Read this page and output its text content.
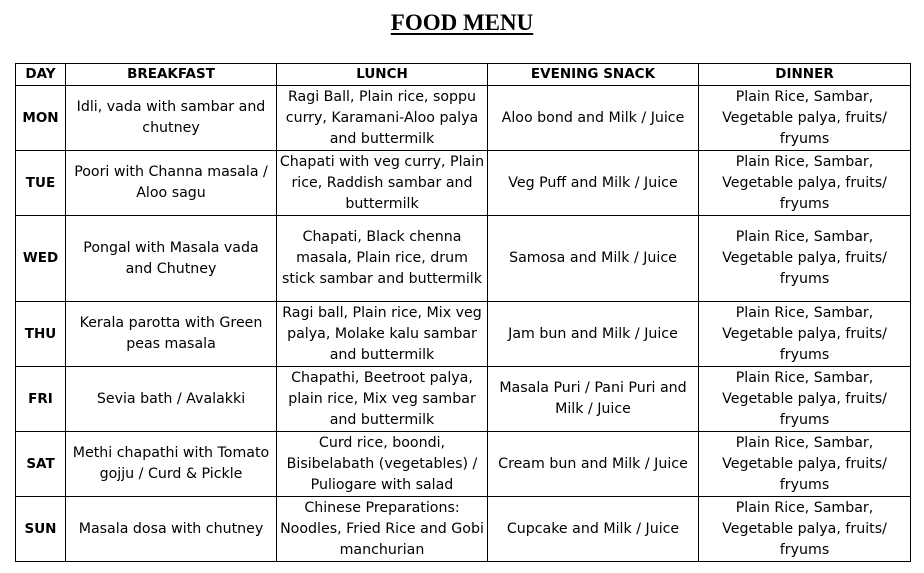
FOOD MENU
DAY	BREAKFAST	LUNCH	EVENING SNACK	DINNER
MON	Idli, vada with sambar and chutney	Ragi Ball, Plain rice, soppu curry, Karamani-Aloo palya and buttermilk	Aloo bond and Milk / Juice	Plain Rice, Sambar, Vegetable palya, fruits/ fryums
TUE	Poori with Channa masala / Aloo sagu	Chapati with veg curry, Plain rice, Raddish sambar and buttermilk	Veg Puff and Milk / Juice	Plain Rice, Sambar, Vegetable palya, fruits/ fryums
WED	Pongal with Masala vada and Chutney	Chapati, Black chenna masala, Plain rice, drum stick sambar and buttermilk	Samosa and Milk / Juice	Plain Rice, Sambar, Vegetable palya, fruits/ fryums
THU	Kerala parotta with Green peas masala	Ragi ball, Plain rice, Mix veg palya, Molake kalu sambar and buttermilk	Jam bun and Milk / Juice	Plain Rice, Sambar, Vegetable palya, fruits/ fryums
FRI	Sevia bath / Avalakki	Chapathi, Beetroot palya, plain rice, Mix veg sambar and buttermilk	Masala Puri / Pani Puri and Milk / Juice	Plain Rice, Sambar, Vegetable palya, fruits/ fryums
SAT	Methi chapathi with Tomato gojju / Curd & Pickle	Curd rice, boondi, Bisibelabath (vegetables) / Puliogare with salad	Cream bun and Milk / Juice	Plain Rice, Sambar, Vegetable palya, fruits/ fryums
SUN	Masala dosa with chutney	Chinese Preparations: Noodles, Fried Rice and Gobi manchurian	Cupcake and Milk / Juice	Plain Rice, Sambar, Vegetable palya, fruits/ fryums
